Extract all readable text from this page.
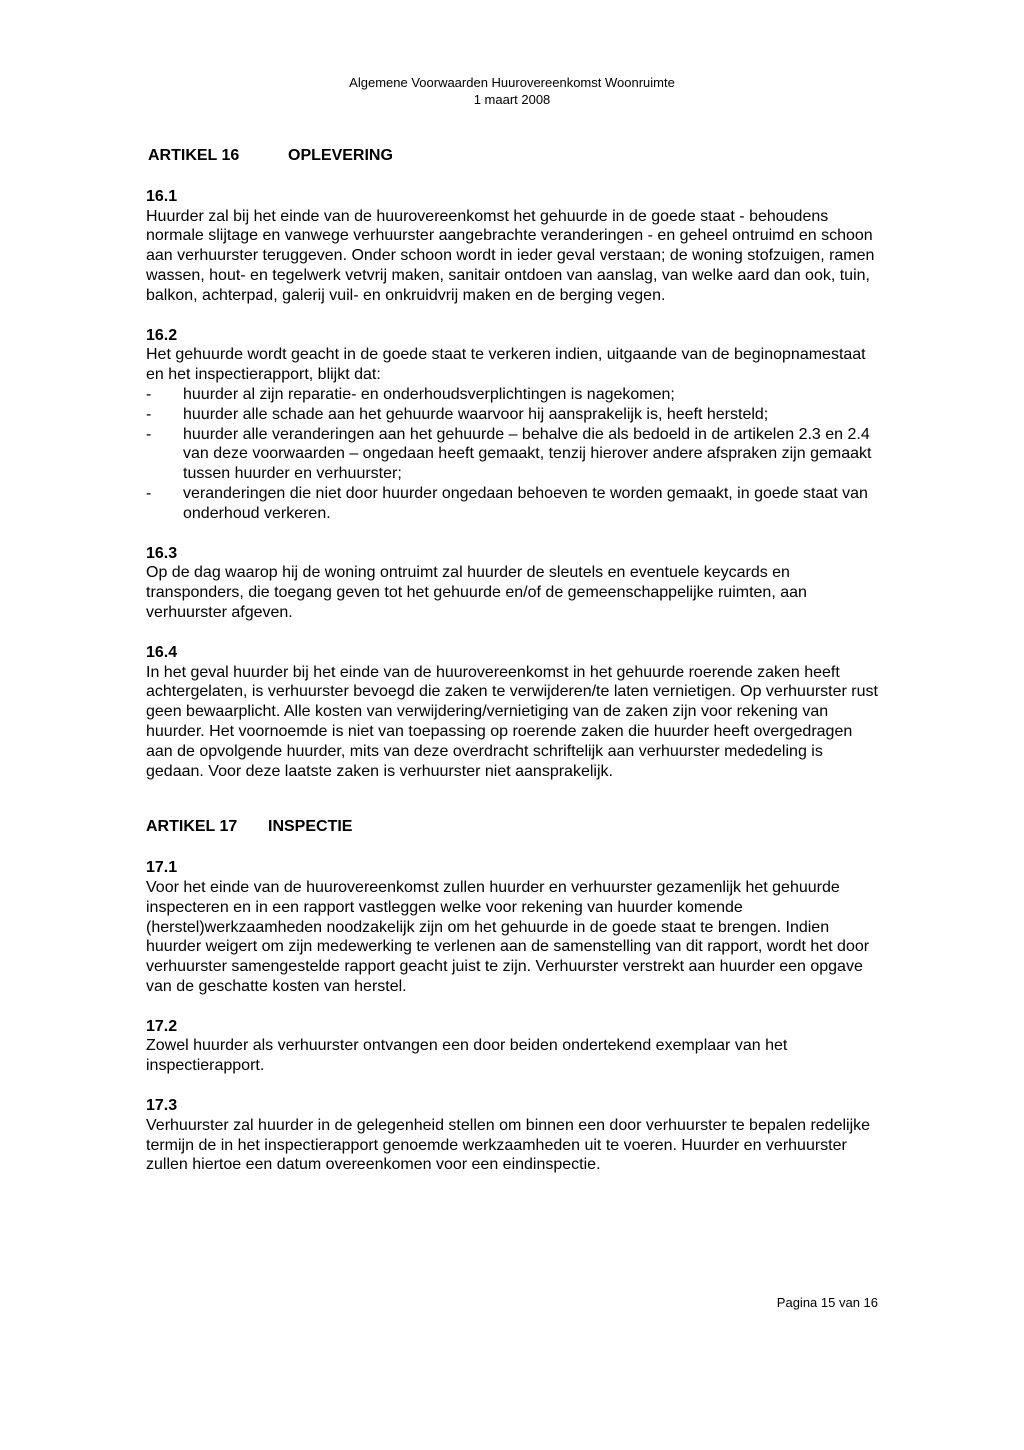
Algemene Voorwaarden Huurovereenkomst Woonruimte
1 maart 2008
ARTIKEL 16	OPLEVERING
16.1

Huurder zal bij het einde van de huurovereenkomst het gehuurde in de goede staat - behoudens normale slijtage en vanwege verhuurster aangebrachte veranderingen - en geheel ontruimd en schoon aan verhuurster teruggeven. Onder schoon wordt in ieder geval verstaan; de woning stofzuigen, ramen wassen, hout- en tegelwerk vetvrij maken, sanitair ontdoen van aanslag, van welke aard dan ook, tuin, balkon, achterpad, galerij vuil- en onkruidvrij maken en de berging vegen.

16.2

Het gehuurde wordt geacht in de goede staat te verkeren indien, uitgaande van de beginopnamestaat en het inspectierapport, blijkt dat:

-	huurder al zijn reparatie- en onderhoudsverplichtingen is nagekomen;
-	huurder alle schade aan het gehuurde waarvoor hij aansprakelijk is, heeft hersteld;
-	huurder alle veranderingen aan het gehuurde – behalve die als bedoeld in de artikelen 2.3 en 2.4 van deze voorwaarden – ongedaan heeft gemaakt, tenzij hierover andere afspraken zijn gemaakt tussen huurder en verhuurster;
-	veranderingen die niet door huurder ongedaan behoeven te worden gemaakt, in goede staat van onderhoud verkeren.
16.3

Op de dag waarop hij de woning ontruimt zal huurder de sleutels en eventuele keycards en transponders, die toegang geven tot het gehuurde en/of de gemeenschappelijke ruimten, aan verhuurster afgeven.

16.4

In het geval huurder bij het einde van de huurovereenkomst in het gehuurde roerende zaken heeft achtergelaten, is verhuurster bevoegd die zaken te verwijderen/te laten vernietigen. Op verhuurster rust geen bewaarplicht. Alle kosten van verwijdering/vernietiging van de zaken zijn voor rekening van huurder. Het voornoemde is niet van toepassing op roerende zaken die huurder heeft overgedragen aan de opvolgende huurder, mits van deze overdracht schriftelijk aan verhuurster mededeling is gedaan. Voor deze laatste zaken is verhuurster niet aansprakelijk.

ARTIKEL 17	INSPECTIE
17.1

Voor het einde van de huurovereenkomst zullen huurder en verhuurster gezamenlijk het gehuurde inspecteren en in een rapport vastleggen welke voor rekening van huurder komende (herstel)werkzaamheden noodzakelijk zijn om het gehuurde in de goede staat te brengen. Indien huurder weigert om zijn medewerking te verlenen aan de samenstelling van dit rapport, wordt het door verhuurster samengestelde rapport geacht juist te zijn. Verhuurster verstrekt aan huurder een opgave van de geschatte kosten van herstel.

17.2

Zowel huurder als verhuurster ontvangen een door beiden ondertekend exemplaar van het inspectierapport.

17.3

Verhuurster zal huurder in de gelegenheid stellen om binnen een door verhuurster te bepalen redelijke termijn de in het inspectierapport genoemde werkzaamheden uit te voeren. Huurder en verhuurster zullen hiertoe een datum overeenkomen voor een eindinspectie.

Pagina 15 van 16
